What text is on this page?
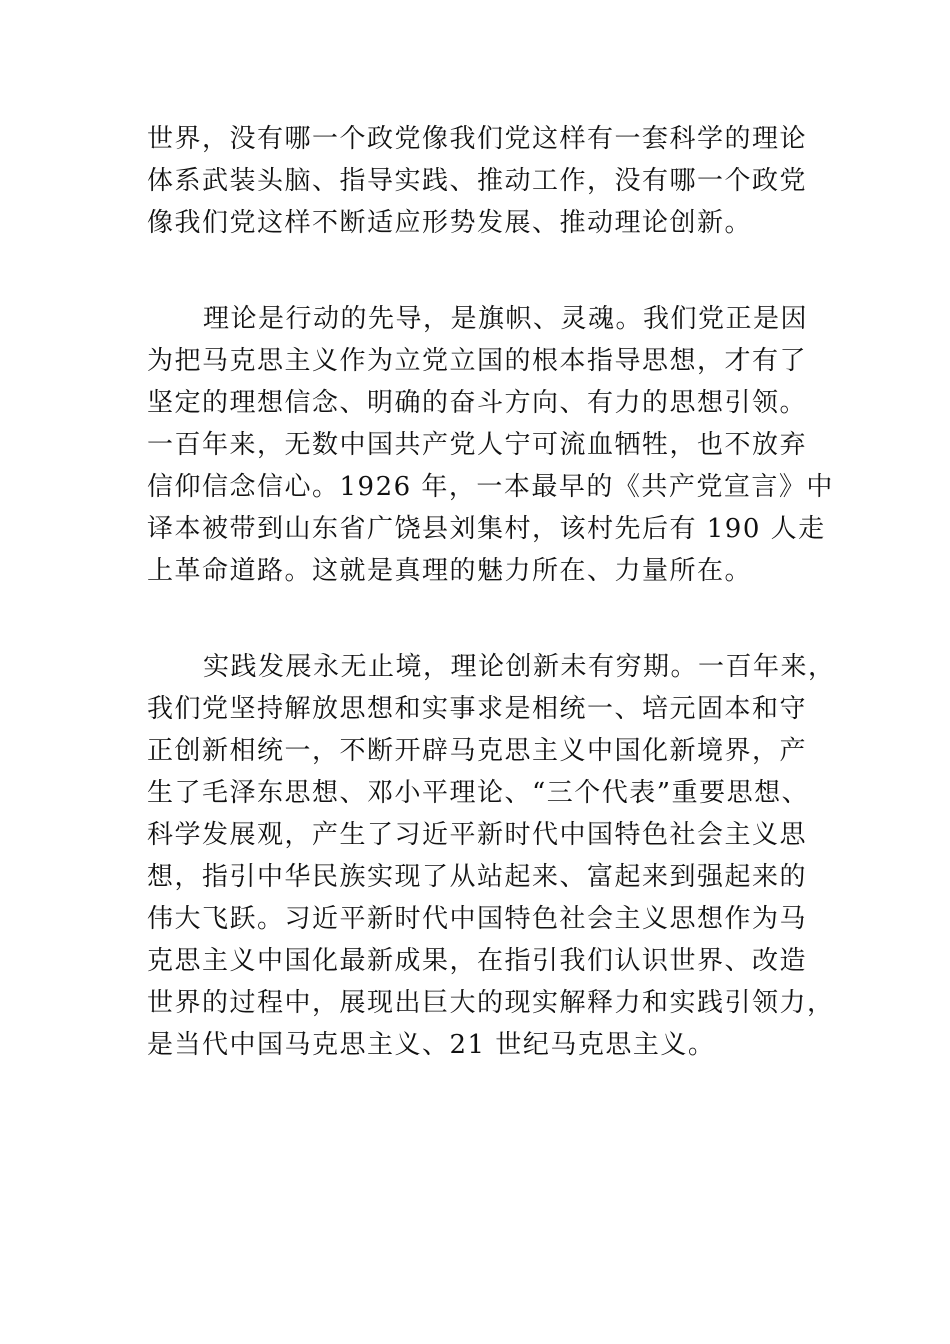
世界，没有哪一个政党像我们党这样有一套科学的理论
体系武装头脑、指导实践、推动工作，没有哪一个政党
像我们党这样不断适应形势发展、推动理论创新。
理论是行动的先导，是旗帜、灵魂。我们党正是因
为把马克思主义作为立党立国的根本指导思想，才有了
坚定的理想信念、明确的奋斗方向、有力的思想引领。
一百年来，无数中国共产党人宁可流血牺牲，也不放弃
信仰信念信心。1926 年，一本最早的《共产党宣言》中
译本被带到山东省广饶县刘集村，该村先后有 190 人走
上革命道路。这就是真理的魅力所在、力量所在。
实践发展永无止境，理论创新未有穷期。一百年来，
我们党坚持解放思想和实事求是相统一、培元固本和守
正创新相统一，不断开辟马克思主义中国化新境界，产
生了毛泽东思想、邓小平理论、“三个代表”重要思想、
科学发展观，产生了习近平新时代中国特色社会主义思
想，指引中华民族实现了从站起来、富起来到强起来的
伟大飞跃。习近平新时代中国特色社会主义思想作为马
克思主义中国化最新成果，在指引我们认识世界、改造
世界的过程中，展现出巨大的现实解释力和实践引领力，
是当代中国马克思主义、21 世纪马克思主义。
